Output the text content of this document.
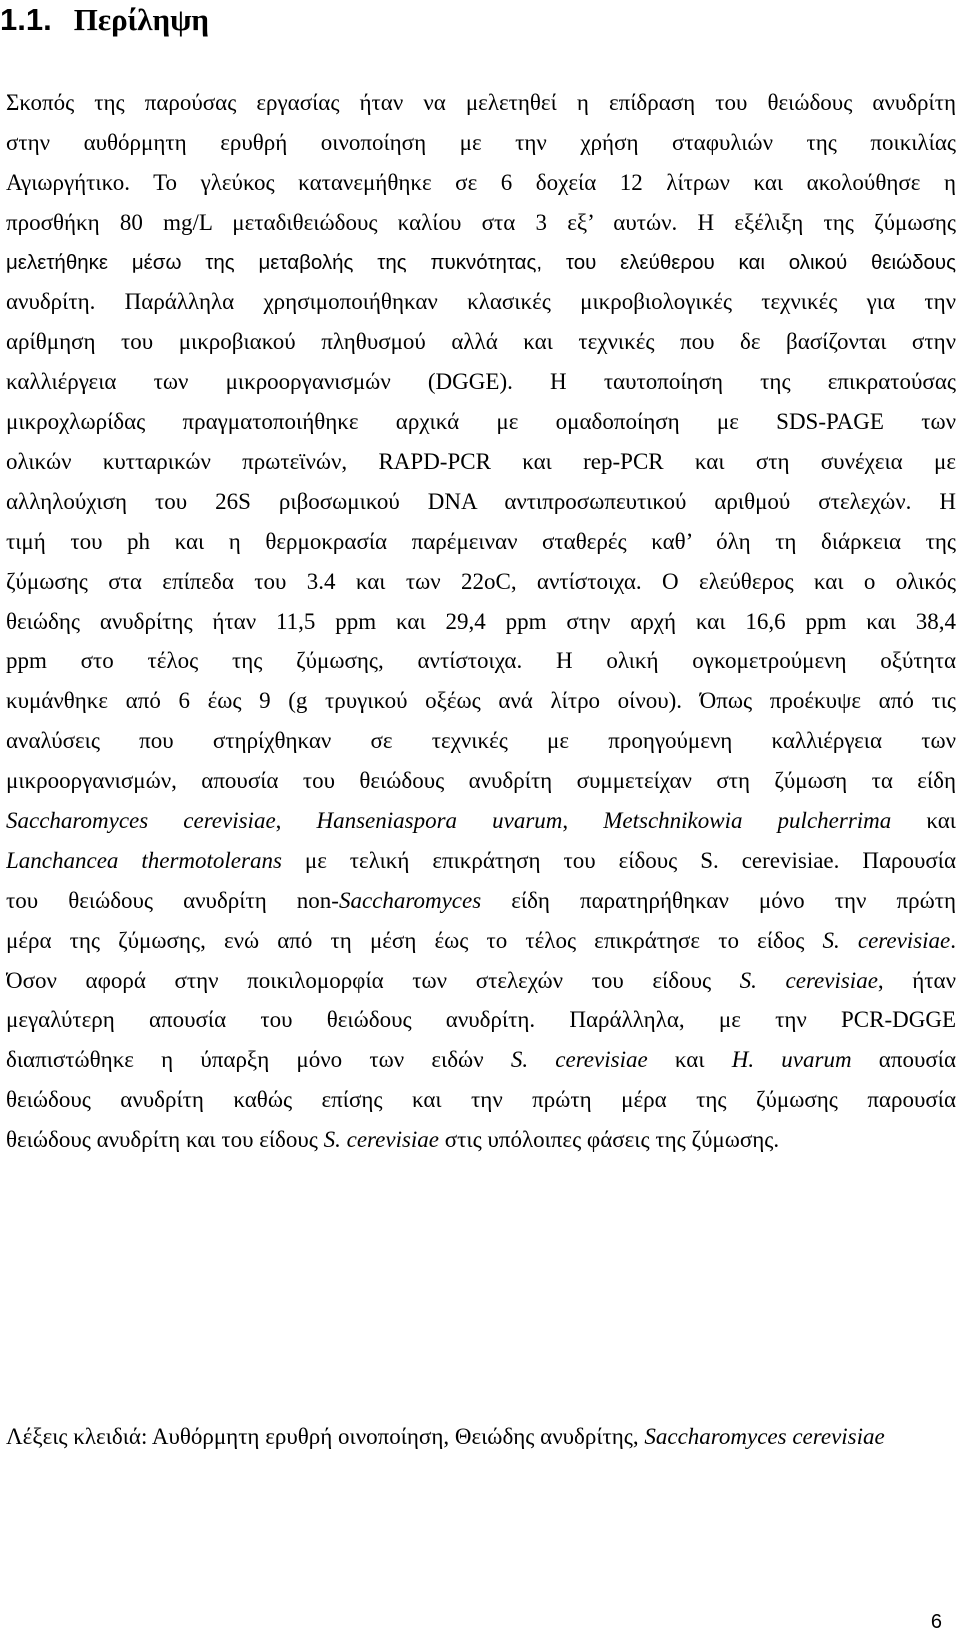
1.1. Περίληψη
Σκοπός της παρούσας εργασίας ήταν να μελετηθεί η επίδραση του θειώδους ανυδρίτη
στην αυθόρμητη ερυθρή οινοποίηση με την χρήση σταφυλιών της ποικιλίας
Αγιωργήτικο. Το γλεύκος κατανεμήθηκε σε 6 δοχεία 12 λίτρων και ακολούθησε η
προσθήκη 80 mg/L μεταδιθειώδους καλίου στα 3 εξ’ αυτών. Η εξέλιξη της ζύμωσης
μελετήθηκε μέσω της μεταβολής της πυκνότητας, του ελεύθερου και ολικού θειώδους
ανυδρίτη. Παράλληλα χρησιμοποιήθηκαν κλασικές μικροβιολογικές τεχνικές για την
αρίθμηση του μικροβιακού πληθυσμού αλλά και τεχνικές που δε βασίζονται στην
καλλιέργεια των μικροοργανισμών (DGGE). Η ταυτοποίηση της επικρατούσας
μικροχλωρίδας πραγματοποιήθηκε αρχικά με ομαδοποίηση με SDS-PAGE των
ολικών κυτταρικών πρωτεϊνών, RAPD-PCR και rep-PCR και στη συνέχεια με
αλληλούχιση του 26S ριβοσωμικού DNA αντιπροσωπευτικού αριθμού στελεχών. Η
τιμή του ph και η θερμοκρασία παρέμειναν σταθερές καθ’ όλη τη διάρκεια της
ζύμωσης στα επίπεδα του 3.4 και των 22oC, αντίστοιχα. Ο ελεύθερος και ο ολικός
θειώδης ανυδρίτης ήταν 11,5 ppm και 29,4 ppm στην αρχή και 16,6 ppm και 38,4
ppm στο τέλος της ζύμωσης, αντίστοιχα. Η ολική ογκομετρούμενη οξύτητα
κυμάνθηκε από 6 έως 9 (g τρυγικού οξέως ανά λίτρο οίνου). Όπως προέκυψε από τις
αναλύσεις που στηρίχθηκαν σε τεχνικές με προηγούμενη καλλιέργεια των
μικροοργανισμών, απουσία του θειώδους ανυδρίτη συμμετείχαν στη ζύμωση τα είδη
Saccharomyces cerevisiae, Hanseniaspora uvarum, Metschnikowia pulcherrima και
Lanchancea thermotolerans με τελική επικράτηση του είδους S. cerevisiae. Παρουσία
του θειώδους ανυδρίτη non-Saccharomyces είδη παρατηρήθηκαν μόνο την πρώτη
μέρα της ζύμωσης, ενώ από τη μέση έως το τέλος επικράτησε το είδος S. cerevisiae.
Όσον αφορά στην ποικιλομορφία των στελεχών του είδους S. cerevisiae, ήταν
μεγαλύτερη απουσία του θειώδους ανυδρίτη. Παράλληλα, με την PCR-DGGE
διαπιστώθηκε η ύπαρξη μόνο των ειδών S. cerevisiae και H. uvarum απουσία
θειώδους ανυδρίτη καθώς επίσης και την πρώτη μέρα της ζύμωσης παρουσία
θειώδους ανυδρίτη και του είδους S. cerevisiae στις υπόλοιπες φάσεις της ζύμωσης.

Λέξεις κλειδιά: Αυθόρμητη ερυθρή οινοποίηση, Θειώδης ανυδρίτης, Saccharomyces cerevisiae

6
